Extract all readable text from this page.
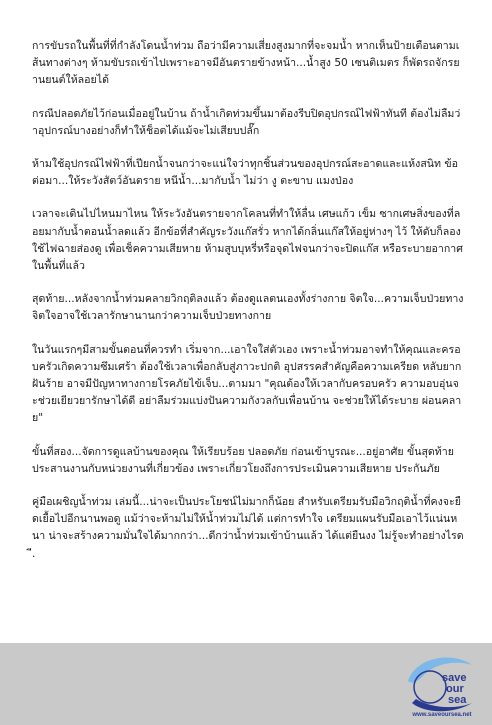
การขับรถในพื้นที่ที่กำลังโดนน้ำท่วม ถือว่ามีความเสี่ยงสูงมากที่จะจมน้ำ หากเห็นป้ายเตือนตามเส้นทางต่างๆ ห้ามขับรถเข้าไปเพราะอาจมีอันตรายข้างหน้า...น้ำสูง 50 เซนติเมตร ก็พัดรถจักรยานยนต์ให้ลอยได้

กรณีปลอดภัยไว้ก่อนเมื่ออยู่ในบ้าน ถ้าน้ำเกิดท่วมขึ้นมาต้องรีบปิดอุปกรณ์ไฟฟ้าทันที ต้องไม่ลืมว่าอุปกรณ์บางอย่างก็ทำให้ช็อตได้แม้จะไม่เสียบปลั๊ก

ห้ามใช้อุปกรณ์ไฟฟ้าที่เปียกน้ำจนกว่าจะแน่ใจว่าทุกชิ้นส่วนของอุปกรณ์สะอาดและแห้งสนิท ข้อต่อมา...ให้ระวังสัตว์อันตราย หนีน้ำ...มากับน้ำ ไม่ว่า งู ตะขาบ แมงป่อง

เวลาจะเดินไปไหนมาไหน ให้ระวังอันตรายจากโคลนที่ทำให้ลื่น เศษแก้ว เข็ม ซากเศษสิ่งของที่ลอยมากับน้ำตอนน้ำลดแล้ว อีกข้อที่สำคัญระวังแก๊สรั่ว หากได้กลิ่นแก๊สให้อยู่ห่างๆ ไว้ ให้ดับก็ลองใช้ไฟฉายส่องดู เพื่อเช็คความเสียหาย ห้ามสูบบุหรี่หรือจุดไฟจนกว่าจะปิดแก๊ส หรือระบายอากาศในพื้นที่แล้ว

สุดท้าย...หลังจากน้ำท่วมคลายวิกฤติลงแล้ว ต้องดูแลตนเองทั้งร่างกาย จิตใจ...ความเจ็บป่วยทางจิตใจอาจใช้เวลารักษานานกว่าความเจ็บป่วยทางกาย

ในวันแรกๆมีสามขั้นตอนที่ควรทำ เริ่มจาก...เอาใจใส่ตัวเอง เพราะน้ำท่วมอาจทำให้คุณและครอบครัวเกิดความซึมเศร้า ต้องใช้เวลาเพื่อกลับสู่ภาวะปกติ อุปสรรคสำคัญคือความเครียด หลับยาก ฝันร้าย อาจมีปัญหาทางกายโรคภัยไข้เจ็บ...ตามมา "คุณต้องให้เวลากับครอบครัว ความอบอุ่นจะช่วยเยียวยารักษาได้ดี อย่าลืมร่วมแบ่งปันความกังวลกับเพื่อนบ้าน จะช่วยให้ได้ระบาย ผ่อนคลาย"

ขั้นที่สอง...จัดการดูแลบ้านของคุณ ให้เรียบร้อย ปลอดภัย ก่อนเข้าบูรณะ...อยู่อาศัย ขั้นสุดท้าย ประสานงานกับหน่วยงานที่เกี่ยวข้อง เพราะเกี่ยวโยงถึงการประเมินความเสียหาย ประกันภัย

คู่มือเผชิญน้ำท่วม เล่มนี้...น่าจะเป็นประโยชน์ไม่มากก็น้อย สำหรับเตรียมรับมือวิกฤติน้ำที่คงจะยืดเยื้อไปอีกนานพอดู แม้ว่าจะห้ามไม่ให้น้ำท่วมไม่ได้ แต่การทำใจ เตรียมแผนรับมือเอาไว้แน่นหนา น่าจะสร้างความมั่นใจได้มากกว่า...ดีกว่าน้ำท่วมเข้าบ้านแล้ว ได้แต่ยืนงง ไม่รู้จะทำอย่างไรดี.

save
our
sea
www.saveoursea.net
